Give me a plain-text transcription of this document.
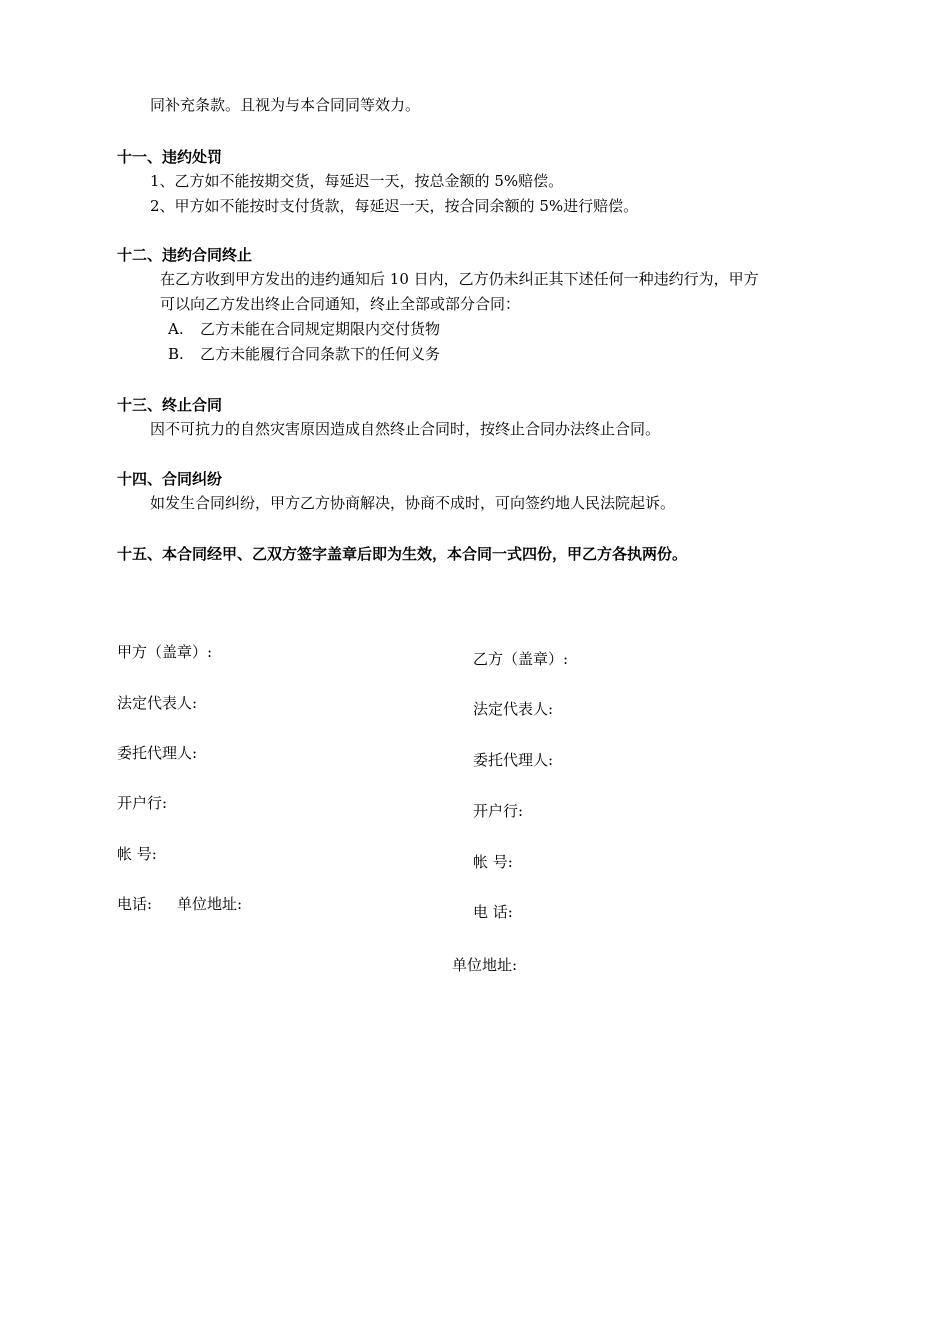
同补充条款。且视为与本合同同等效力。
十一、违约处罚
1、乙方如不能按期交货，每延迟一天，按总金额的 5%赔偿。
2、甲方如不能按时支付货款，每延迟一天，按合同余额的 5%进行赔偿。
十二、违约合同终止
在乙方收到甲方发出的违约通知后 10 日内，乙方仍未纠正其下述任何一种违约行为，甲方
可以向乙方发出终止合同通知，终止全部或部分合同：
A. 乙方未能在合同规定期限内交付货物
B. 乙方未能履行合同条款下的任何义务
十三、终止合同
因不可抗力的自然灾害原因造成自然终止合同时，按终止合同办法终止合同。
十四、合同纠纷
如发生合同纠纷，甲方乙方协商解决，协商不成时，可向签约地人民法院起诉。
十五、本合同经甲、乙双方签字盖章后即为生效，本合同一式四份，甲乙方各执两份。
甲方（盖章）:
法定代表人:
委托代理人:
开户行:
帐 号:
电话: 单位地址:
乙方（盖章）:
法定代表人:
委托代理人:
开户行:
帐 号:
电 话:
单位地址:
